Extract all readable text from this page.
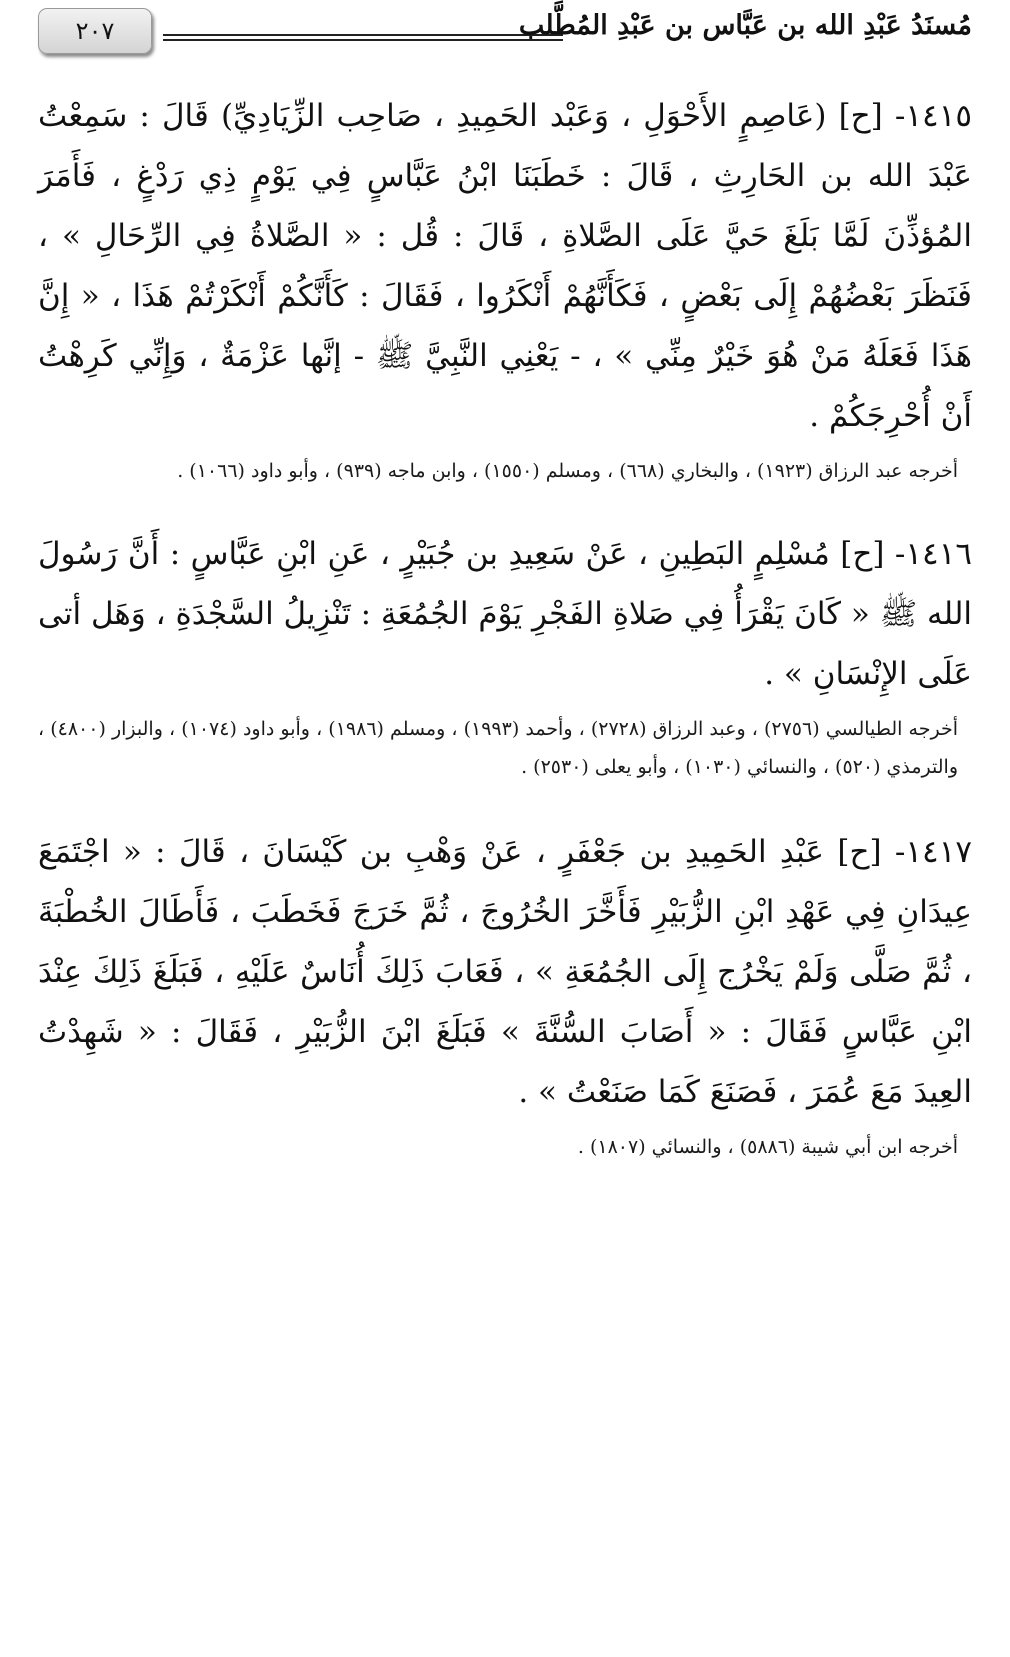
٢٠٧	مُسنَدُ عَبْدِ الله بن عَبَّاس بن عَبْدِ المُطَّلب

١٤١٥- [ح] (عَاصِمٍ الأَحْوَلِ ، وَعَبْد الحَمِيدِ ، صَاحِب الزِّيَادِيِّ) قَالَ : سَمِعْتُ عَبْدَ الله بن الحَارِثِ ، قَالَ : خَطَبَنَا ابْنُ عَبَّاسٍ فِي يَوْمٍ ذِي رَدْغٍ ، فَأَمَرَ المُؤذِّنَ لَمَّا بَلَغَ حَيَّ عَلَى الصَّلاةِ ، قَالَ : قُل : « الصَّلاةُ فِي الرِّحَالِ » ، فَنَظَرَ بَعْضُهُمْ إِلَى بَعْضٍ ، فَكَأَنَّهُمْ أَنْكَرُوا ، فَقَالَ : كَأَنَّكُمْ أَنْكَرْتُمْ هَذَا ، « إِنَّ هَذَا فَعَلَهُ مَنْ هُوَ خَيْرٌ مِنِّي » ، - يَعْنِي النَّبِيَّ ﷺ - إنَّها عَزْمَةٌ ، وَإِنِّي كَرِهْتُ أَنْ أُحْرِجَكُمْ .

أخرجه عبد الرزاق (١٩٢٣) ، والبخاري (٦٦٨) ، ومسلم (١٥٥٠) ، وابن ماجه (٩٣٩) ، وأبو داود (١٠٦٦) .

١٤١٦- [ح] مُسْلِمٍ البَطِينِ ، عَنْ سَعِيدِ بن جُبَيْرٍ ، عَنِ ابْنِ عَبَّاسٍ : أَنَّ رَسُولَ الله ﷺ « كَانَ يَقْرَأُ فِي صَلاةِ الفَجْرِ يَوْمَ الجُمُعَةِ : تَنْزِيلُ السَّجْدَةِ ، وَهَل أتى عَلَى الإِنْسَانِ » .

أخرجه الطيالسي (٢٧٥٦) ، وعبد الرزاق (٢٧٢٨) ، وأحمد (١٩٩٣) ، ومسلم (١٩٨٦) ، وأبو داود (١٠٧٤) ، والبزار (٤٨٠٠) ، والترمذي (٥٢٠) ، والنسائي (١٠٣٠) ، وأبو يعلى (٢٥٣٠) .

١٤١٧- [ح] عَبْدِ الحَمِيدِ بن جَعْفَرٍ ، عَنْ وَهْبِ بن كَيْسَانَ ، قَالَ : « اجْتَمَعَ عِيدَانِ فِي عَهْدِ ابْنِ الزُّبَيْرِ فَأَخَّرَ الخُرُوجَ ، ثُمَّ خَرَجَ فَخَطَبَ ، فَأَطَالَ الخُطْبَةَ ، ثُمَّ صَلَّى وَلَمْ يَخْرُج إِلَى الجُمُعَةِ » ، فَعَابَ ذَلِكَ أُنَاسٌ عَلَيْهِ ، فَبَلَغَ ذَلِكَ عِنْدَ ابْنِ عَبَّاسٍ فَقَالَ : « أَصَابَ السُّنَّةَ » فَبَلَغَ ابْنَ الزُّبَيْرِ ، فَقَالَ : « شَهِدْتُ العِيدَ مَعَ عُمَرَ ، فَصَنَعَ كَمَا صَنَعْتُ » .

أخرجه ابن أبي شيبة (٥٨٨٦) ، والنسائي (١٨٠٧) .
